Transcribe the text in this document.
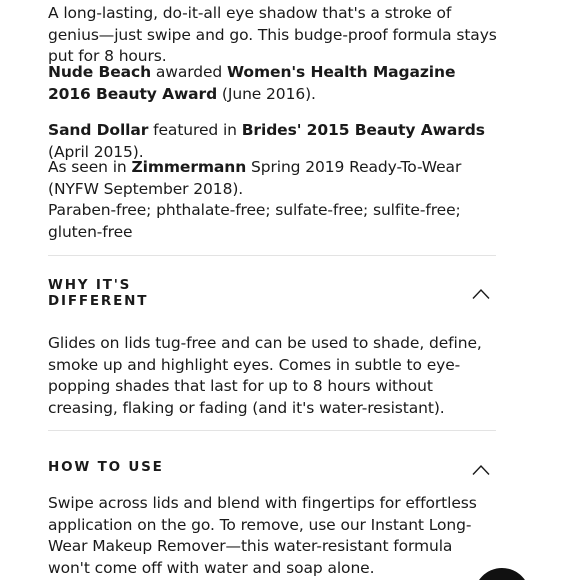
A long-lasting, do-it-all eye shadow that's a stroke of genius—just swipe and go. This budge-proof formula stays put for 8 hours.

Nude Beach awarded Women's Health Magazine 2016 Beauty Award (June 2016).

Sand Dollar featured in Brides' 2015 Beauty Awards (April 2015).

As seen in Zimmermann Spring 2019 Ready-To-Wear (NYFW September 2018).

Paraben-free; phthalate-free; sulfate-free; sulfite-free; gluten-free

WHY IT'S DIFFERENT

Glides on lids tug-free and can be used to shade, define, smoke up and highlight eyes. Comes in subtle to eye-popping shades that last for up to 8 hours without creasing, flaking or fading (and it's water-resistant).

HOW TO USE

Swipe across lids and blend with fingertips for effortless application on the go. To remove, use our Instant Long-Wear Makeup Remover—this water-resistant formula won't come off with water and soap alone.
